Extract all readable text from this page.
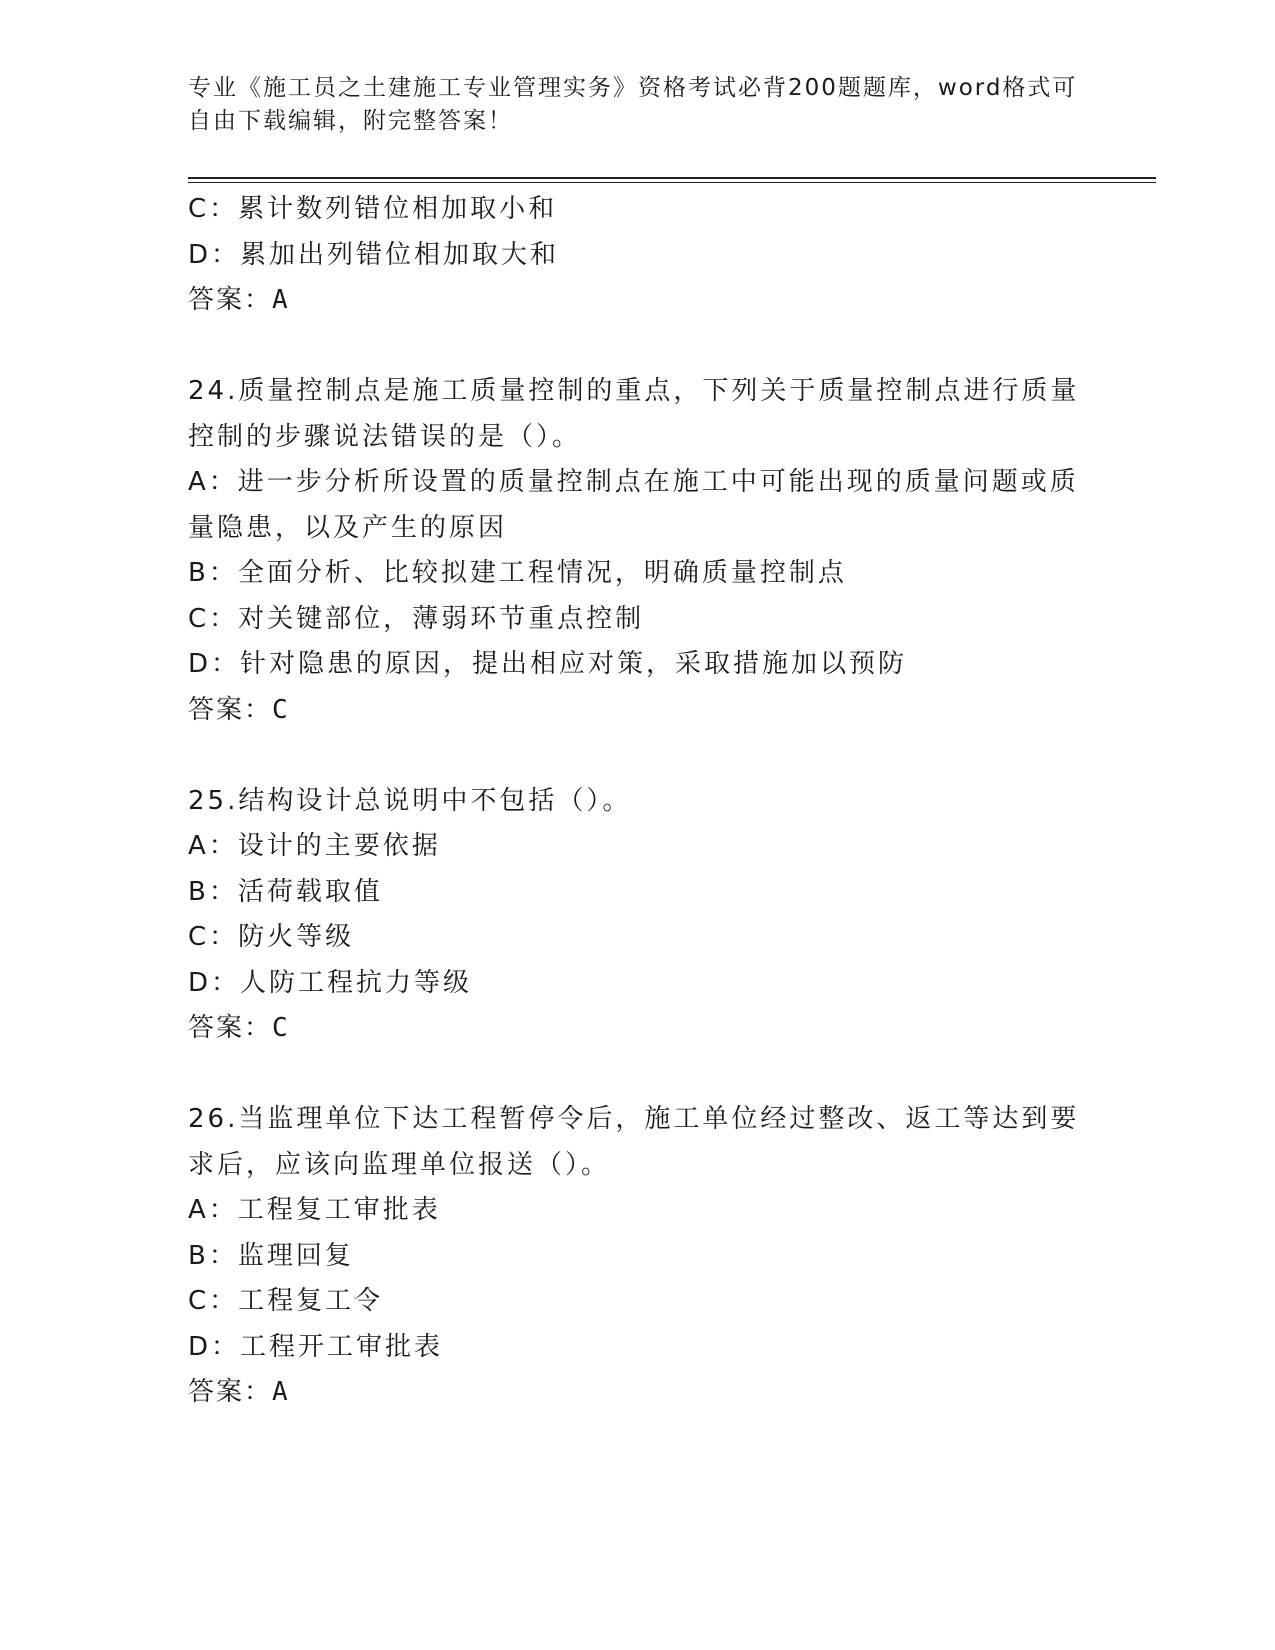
专业《施工员之土建施工专业管理实务》资格考试必背200题题库，word格式可
自由下载编辑，附完整答案！
C：累计数列错位相加取小和
D：累加出列错位相加取大和
答案：A
24.质量控制点是施工质量控制的重点，下列关于质量控制点进行质量
控制的步骤说法错误的是（）。
A：进一步分析所设置的质量控制点在施工中可能出现的质量问题或质
量隐患，以及产生的原因
B：全面分析、比较拟建工程情况，明确质量控制点
C：对关键部位，薄弱环节重点控制
D：针对隐患的原因，提出相应对策，采取措施加以预防
答案：C
25.结构设计总说明中不包括（）。
A：设计的主要依据
B：活荷载取值
C：防火等级
D：人防工程抗力等级
答案：C
26.当监理单位下达工程暂停令后，施工单位经过整改、返工等达到要
求后，应该向监理单位报送（）。
A：工程复工审批表
B：监理回复
C：工程复工令
D：工程开工审批表
答案：A
